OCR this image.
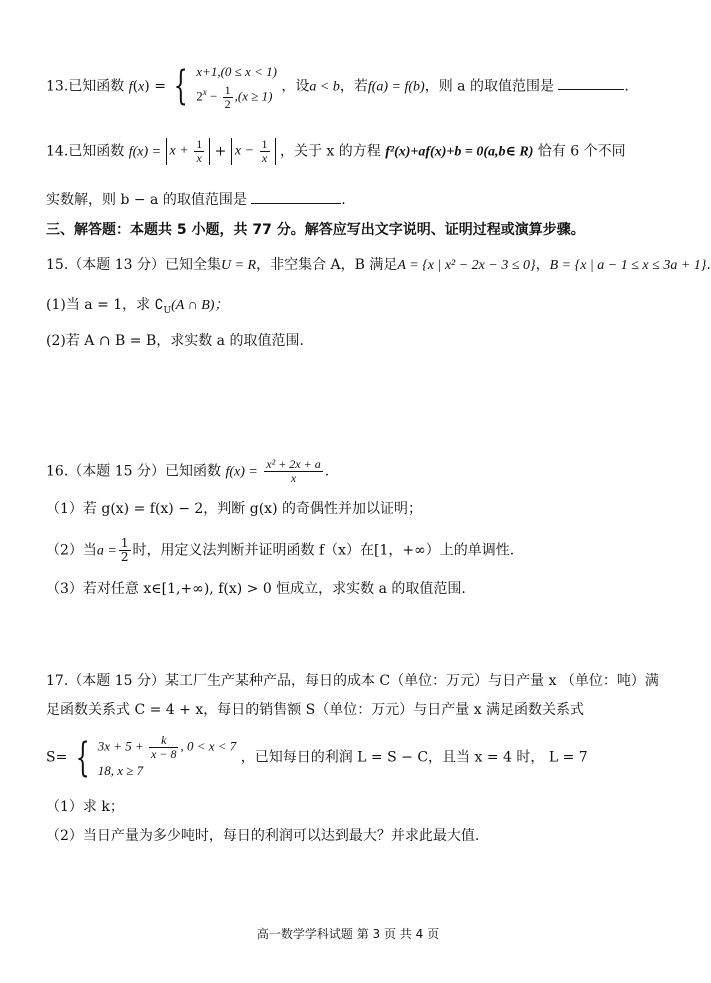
13.已知函数 f(x) = { x+1,(0 ≤ x < 1)
$2^x - \frac{1}{2} ,(x \ge 1)$
，设a < b，若f(a) = f(b)，则 a 的取值范围是	.
14.已知函数 $f(x) = x + \frac{1}{x} + x - \frac{1}{x}$ ，关于 x 的方程 f²(x)+af(x)+b = 0(a,b∈ R) 恰有 6 个不同
实数解，则 b − a 的取值范围是	.
三、解答题：本题共 5 小题，共 77 分。解答应写出文字说明、证明过程或演算步骤。
15.（本题 13 分）已知全集U = R，非空集合 A，B 满足A = {x | x² − 2x − 3 ≤ 0}，B = {x | a − 1 ≤ x ≤ 3a + 1}.
(1)当 a = 1，求 $∁_U(A$ ∩ B)；
(2)若 A ∩ B = B，求实数 a 的取值范围.
16.（本题 15 分）已知函数 $f(x) = \frac{\text{x² + 2x + a}}{x}$ .
（1）若 g(x) = f(x) − 2，判断 g(x) 的奇偶性并加以证明；
（2）当$a = \frac{1}{2}$ 时，用定义法判断并证明函数 f（x）在[1，+∞）上的单调性.
（3）若对任意 x∈[1,+∞), f(x) > 0 恒成立，求实数 a 的取值范围.
17.（本题 15 分）某工厂生产某种产品，每日的成本 C（单位：万元）与日产量 x （单位：吨）满
足函数关系式 C = 4 + x，每日的销售额 S（单位：万元）与日产量 x 满足函数关系式
S= { $3x + 5 + \frac{k}{x - 8}$ , 0 < x < 7
18, x ≥ 7
，已知每日的利润 L = S − C，且当 x = 4 时， L = 7
（1）求 k；
（2）当日产量为多少吨时，每日的利润可以达到最大？并求此最大值.
高一数学学科试题 第 3 页 共 4 页
